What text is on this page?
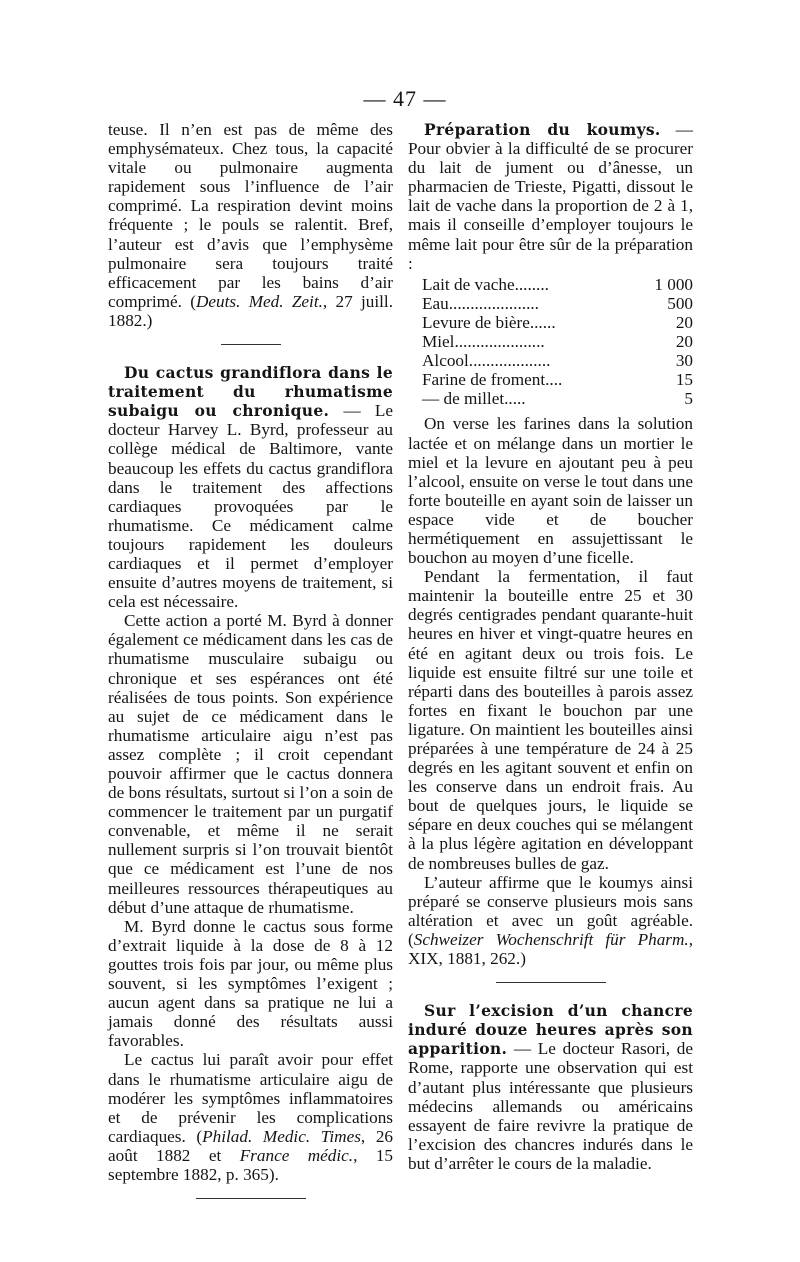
— 47 —

teuse. Il n’en est pas de même des emphysémateux. Chez tous, la capacité vitale ou pulmonaire augmenta rapidement sous l’influence de l’air comprimé. La respiration devint moins fréquente ; le pouls se ralentit. Bref, l’auteur est d’avis que l’emphysème pulmonaire sera toujours traité efficacement par les bains d’air comprimé. (Deuts. Med. Zeit., 27 juill. 1882.)

Du cactus grandiflora dans le traitement du rhumatisme subaigu ou chronique. — Le docteur Harvey L. Byrd, professeur au collège médical de Baltimore, vante beaucoup les effets du cactus grandiflora dans le traitement des affections cardiaques provoquées par le rhumatisme. Ce médicament calme toujours rapidement les douleurs cardiaques et il permet d’employer ensuite d’autres moyens de traitement, si cela est nécessaire.

Cette action a porté M. Byrd à donner également ce médicament dans les cas de rhumatisme musculaire subaigu ou chronique et ses espérances ont été réalisées de tous points. Son expérience au sujet de ce médicament dans le rhumatisme articulaire aigu n’est pas assez complète ; il croit cependant pouvoir affirmer que le cactus donnera de bons résultats, surtout si l’on a soin de commencer le traitement par un purgatif convenable, et même il ne serait nullement surpris si l’on trouvait bientôt que ce médicament est l’une de nos meilleures ressources thérapeutiques au début d’une attaque de rhumatisme.

M. Byrd donne le cactus sous forme d’extrait liquide à la dose de 8 à 12 gouttes trois fois par jour, ou même plus souvent, si les symptômes l’exigent ; aucun agent dans sa pratique ne lui a jamais donné des résultats aussi favorables.

Le cactus lui paraît avoir pour effet dans le rhumatisme articulaire aigu de modérer les symptômes inflammatoires et de prévenir les complications cardiaques. (Philad. Medic. Times, 26 août 1882 et France médic., 15 septembre 1882, p. 365).

Préparation du koumys. — Pour obvier à la difficulté de se procurer du lait de jument ou d’ânesse, un pharmacien de Trieste, Pigatti, dissout le lait de vache dans la proportion de 2 à 1, mais il conseille d’employer toujours le même lait pour être sûr de la préparation :

Lait de vache........	1 000
Eau.....................	500
Levure de bière......	20
Miel.....................	20
Alcool...................	30
Farine de froment....	15
— de millet.....	5

On verse les farines dans la solution lactée et on mélange dans un mortier le miel et la levure en ajoutant peu à peu l’alcool, ensuite on verse le tout dans une forte bouteille en ayant soin de laisser un espace vide et de boucher hermétiquement en assujettissant le bouchon au moyen d’une ficelle.

Pendant la fermentation, il faut maintenir la bouteille entre 25 et 30 degrés centigrades pendant quarante-huit heures en hiver et vingt-quatre heures en été en agitant deux ou trois fois. Le liquide est ensuite filtré sur une toile et réparti dans des bouteilles à parois assez fortes en fixant le bouchon par une ligature. On maintient les bouteilles ainsi préparées à une température de 24 à 25 degrés en les agitant souvent et enfin on les conserve dans un endroit frais. Au bout de quelques jours, le liquide se sépare en deux couches qui se mélangent à la plus légère agitation en développant de nombreuses bulles de gaz.

L’auteur affirme que le koumys ainsi préparé se conserve plusieurs mois sans altération et avec un goût agréable. (Schweizer Wochenschrift für Pharm., XIX, 1881, 262.)

Sur l’excision d’un chancre induré douze heures après son apparition. — Le docteur Rasori, de Rome, rapporte une observation qui est d’autant plus intéressante que plusieurs médecins allemands ou américains essayent de faire revivre la pratique de l’excision des chancres indurés dans le but d’arrêter le cours de la maladie.
